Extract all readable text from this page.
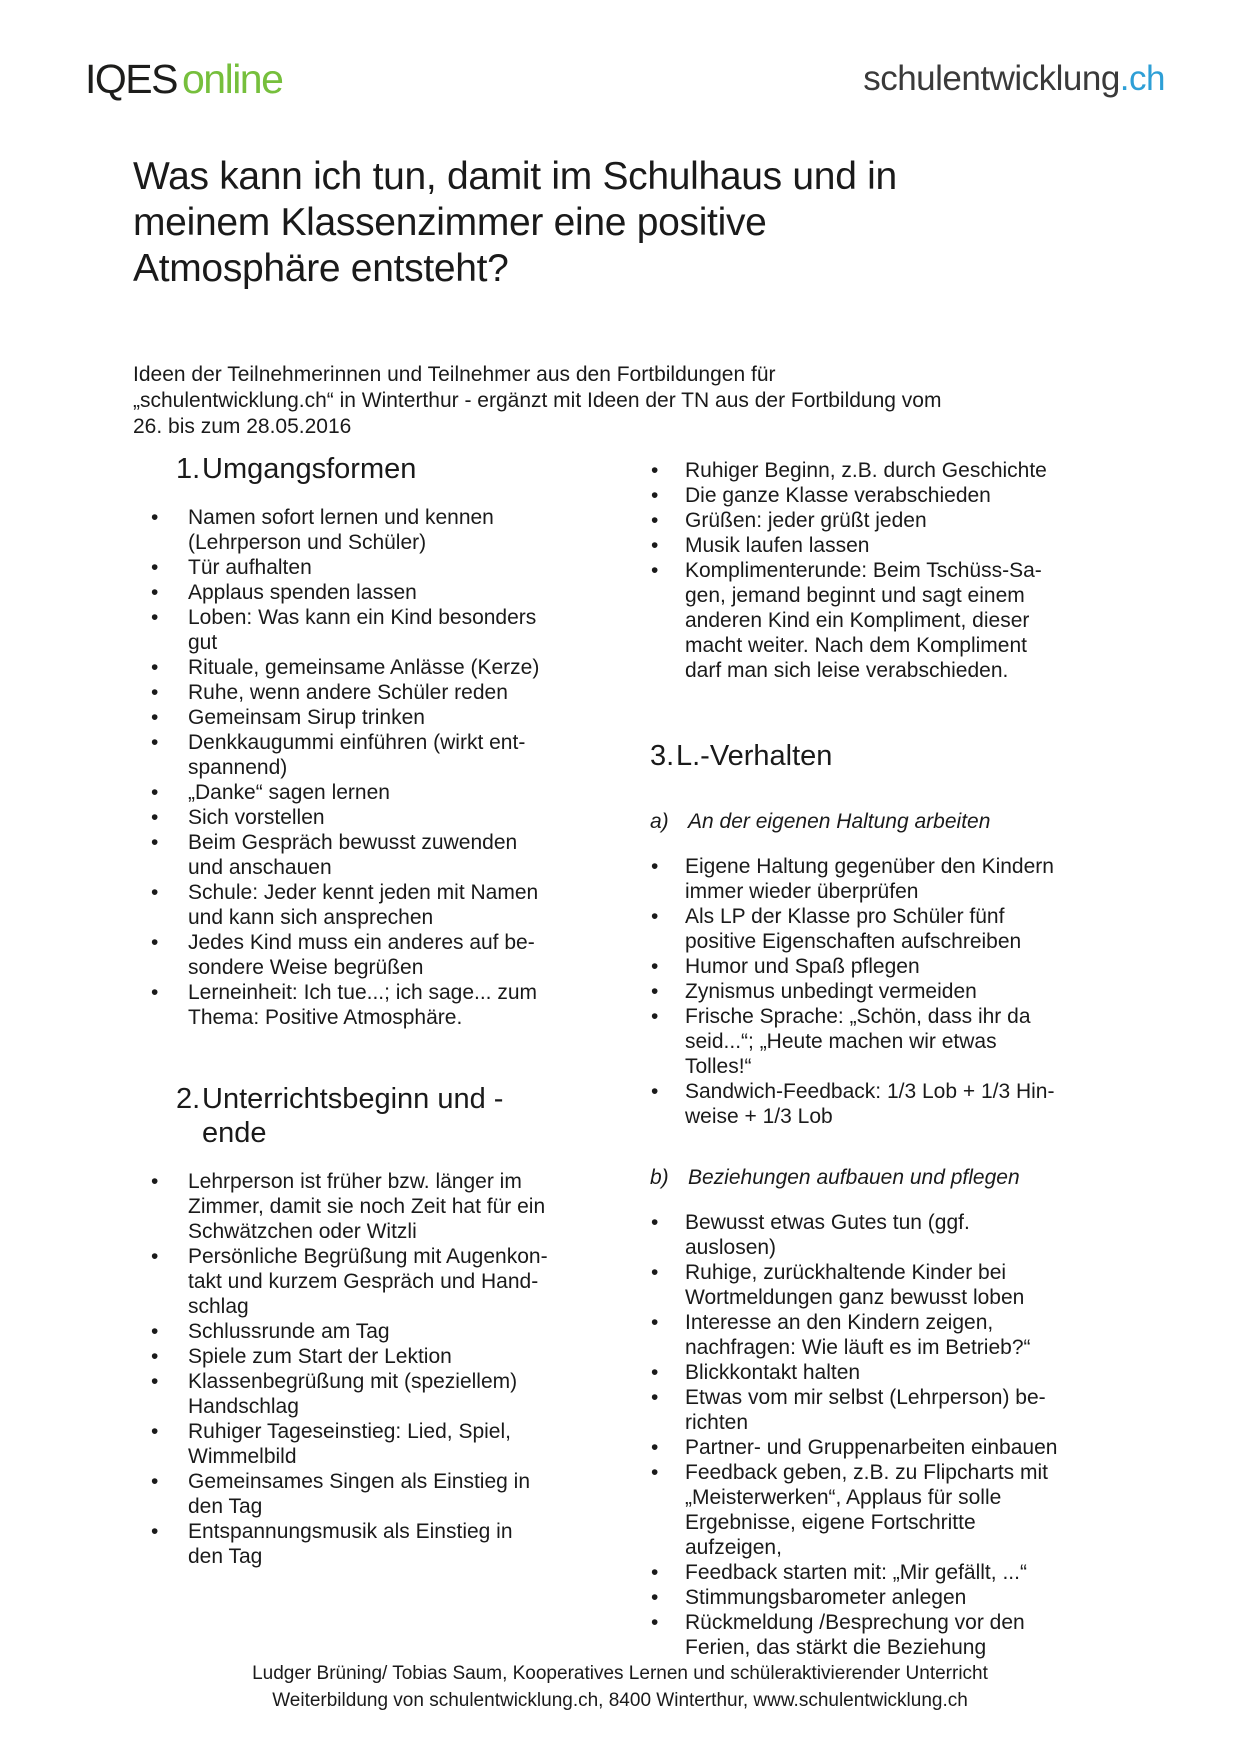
IQES online	schulentwicklung.ch
Was kann ich tun, damit im Schulhaus und in meinem Klassenzimmer eine positive Atmosphäre entsteht?

Ideen der Teilnehmerinnen und Teilnehmer aus den Fortbildungen für „schulentwicklung.ch“ in Winterthur - ergänzt mit Ideen der TN aus der Fortbildung vom 26. bis zum 28.05.2016

1. Umgangsformen
• Namen sofort lernen und kennen (Lehrperson und Schüler)
• Tür aufhalten
• Applaus spenden lassen
• Loben: Was kann ein Kind besonders gut
• Rituale, gemeinsame Anlässe (Kerze)
• Ruhe, wenn andere Schüler reden
• Gemeinsam Sirup trinken
• Denkkaugummi einführen (wirkt entspannend)
• „Danke“ sagen lernen
• Sich vorstellen
• Beim Gespräch bewusst zuwenden und anschauen
• Schule: Jeder kennt jeden mit Namen und kann sich ansprechen
• Jedes Kind muss ein anderes auf besondere Weise begrüßen
• Lerneinheit: Ich tue...; ich sage... zum Thema: Positive Atmosphäre.
2. Unterrichtsbeginn und -ende
• Lehrperson ist früher bzw. länger im Zimmer, damit sie noch Zeit hat für ein Schwätzchen oder Witzli
• Persönliche Begrüßung mit Augenkontakt und kurzem Gespräch und Handschlag
• Schlussrunde am Tag
• Spiele zum Start der Lektion
• Klassenbegrüßung mit (speziellem) Handschlag
• Ruhiger Tageseinstieg: Lied, Spiel, Wimmelbild
• Gemeinsames Singen als Einstieg in den Tag
• Entspannungsmusik als Einstieg in den Tag
• Ruhiger Beginn, z.B. durch Geschichte
• Die ganze Klasse verabschieden
• Grüßen: jeder grüßt jeden
• Musik laufen lassen
• Komplimenterunde: Beim Tschüss-Sagen, jemand beginnt und sagt einem anderen Kind ein Kompliment, dieser macht weiter. Nach dem Kompliment darf man sich leise verabschieden.
3. L.-Verhalten
a) An der eigenen Haltung arbeiten
• Eigene Haltung gegenüber den Kindern immer wieder überprüfen
• Als LP der Klasse pro Schüler fünf positive Eigenschaften aufschreiben
• Humor und Spaß pflegen
• Zynismus unbedingt vermeiden
• Frische Sprache: „Schön, dass ihr da seid...“; „Heute machen wir etwas Tolles!“
• Sandwich-Feedback: 1/3 Lob + 1/3 Hinweise + 1/3 Lob
b) Beziehungen aufbauen und pflegen
• Bewusst etwas Gutes tun (ggf. auslosen)
• Ruhige, zurückhaltende Kinder bei Wortmeldungen ganz bewusst loben
• Interesse an den Kindern zeigen, nachfragen: Wie läuft es im Betrieb?“
• Blickkontakt halten
• Etwas vom mir selbst (Lehrperson) berichten
• Partner- und Gruppenarbeiten einbauen
• Feedback geben, z.B. zu Flipcharts mit „Meisterwerken“, Applaus für solle Ergebnisse, eigene Fortschritte aufzeigen,
• Feedback starten mit: „Mir gefällt, ...“
• Stimmungsbarometer anlegen
• Rückmeldung /Besprechung vor den Ferien, das stärkt die Beziehung
Ludger Brüning/ Tobias Saum, Kooperatives Lernen und schüleraktivierender Unterricht
Weiterbildung von schulentwicklung.ch, 8400 Winterthur, www.schulentwicklung.ch
